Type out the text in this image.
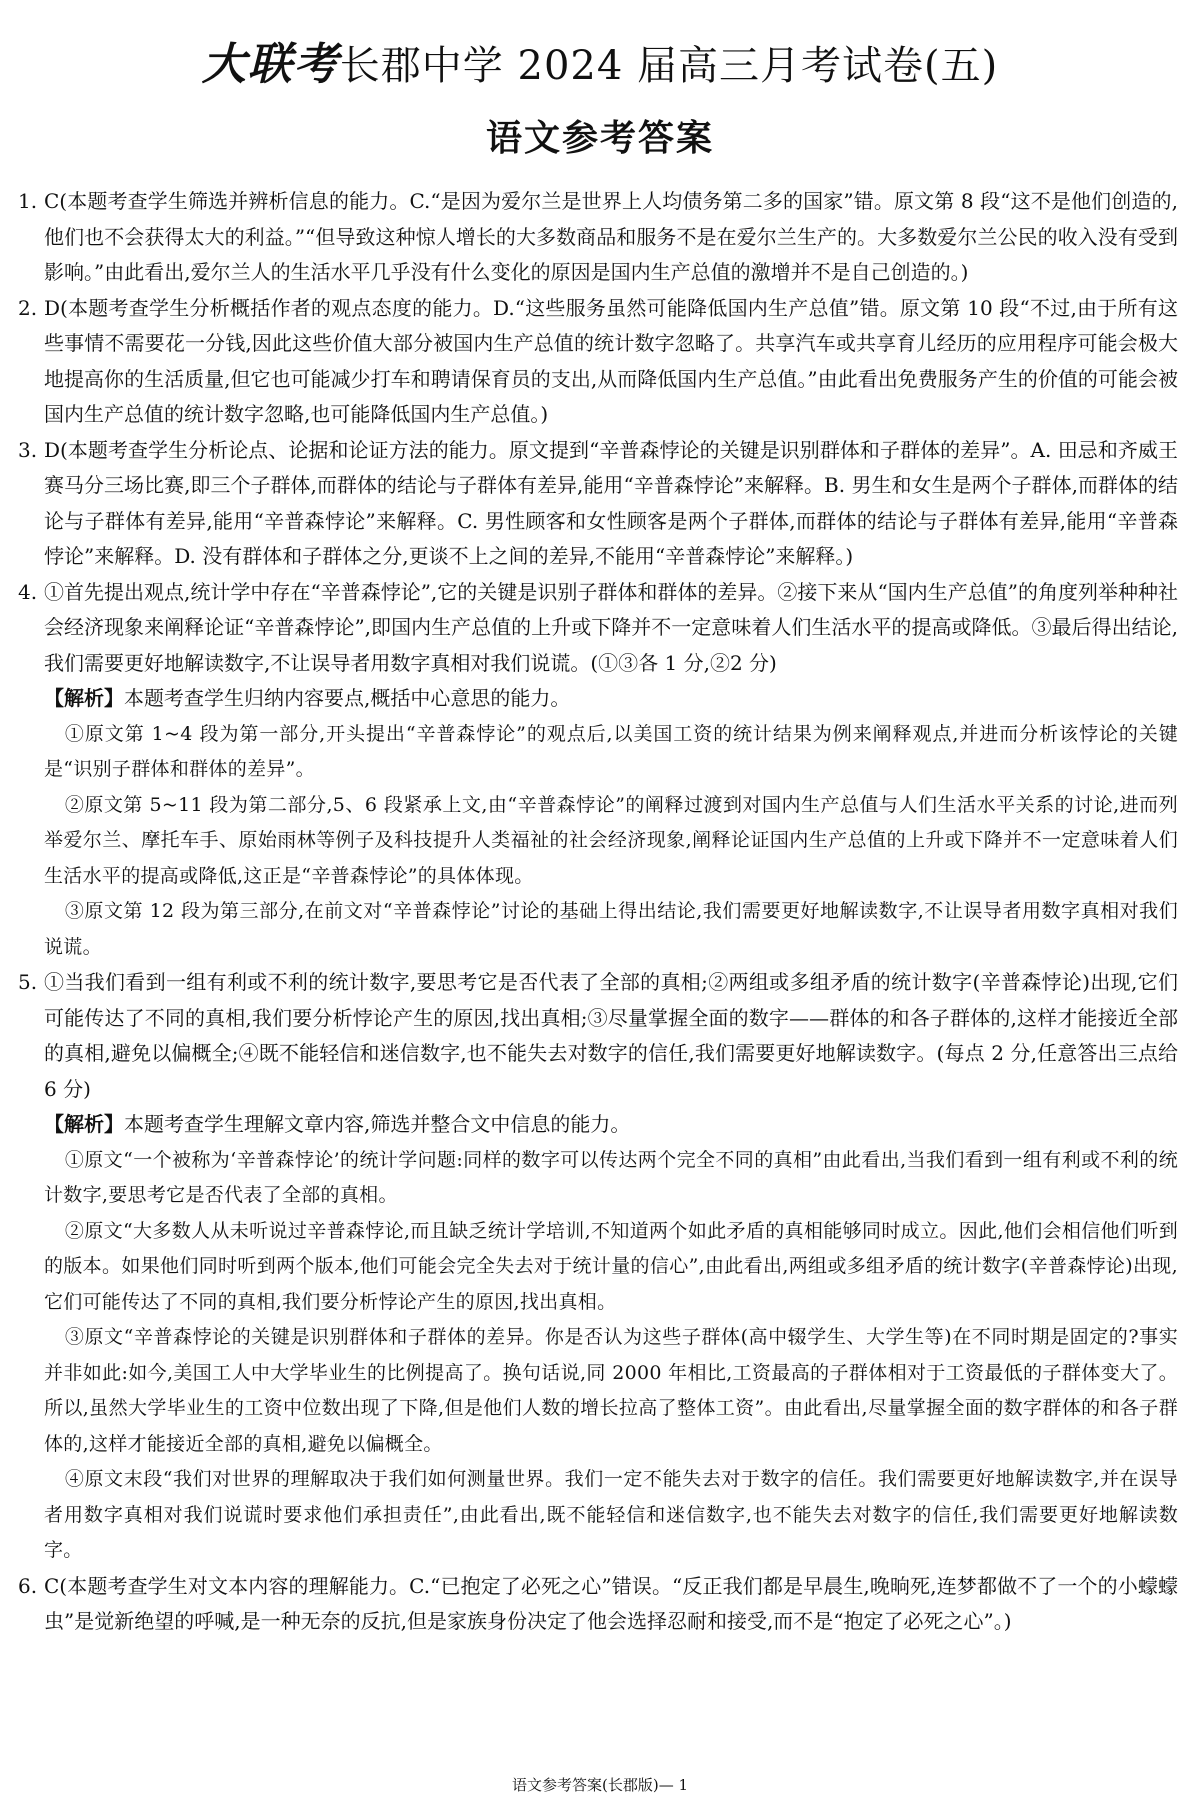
大联考长郡中学 2024 届高三月考试卷(五)
语文参考答案
1. C(本题考查学生筛选并辨析信息的能力。C.“是因为爱尔兰是世界上人均债务第二多的国家”错。原文第 8 段“这不是他们创造的,他们也不会获得太大的利益。”“但导致这种惊人增长的大多数商品和服务不是在爱尔兰生产的。大多数爱尔兰公民的收入没有受到影响。”由此看出,爱尔兰人的生活水平几乎没有什么变化的原因是国内生产总值的激增并不是自己创造的。)

2. D(本题考查学生分析概括作者的观点态度的能力。D.“这些服务虽然可能降低国内生产总值”错。原文第 10 段“不过,由于所有这些事情不需要花一分钱,因此这些价值大部分被国内生产总值的统计数字忽略了。共享汽车或共享育儿经历的应用程序可能会极大地提高你的生活质量,但它也可能减少打车和聘请保育员的支出,从而降低国内生产总值。”由此看出免费服务产生的价值的可能会被国内生产总值的统计数字忽略,也可能降低国内生产总值。)

3. D(本题考查学生分析论点、论据和论证方法的能力。原文提到“辛普森悖论的关键是识别群体和子群体的差异”。A. 田忌和齐威王赛马分三场比赛,即三个子群体,而群体的结论与子群体有差异,能用“辛普森悖论”来解释。B. 男生和女生是两个子群体,而群体的结论与子群体有差异,能用“辛普森悖论”来解释。C. 男性顾客和女性顾客是两个子群体,而群体的结论与子群体有差异,能用“辛普森悖论”来解释。D. 没有群体和子群体之分,更谈不上之间的差异,不能用“辛普森悖论”来解释。)

4. ①首先提出观点,统计学中存在“辛普森悖论”,它的关键是识别子群体和群体的差异。②接下来从“国内生产总值”的角度列举种种社会经济现象来阐释论证“辛普森悖论”,即国内生产总值的上升或下降并不一定意味着人们生活水平的提高或降低。③最后得出结论,我们需要更好地解读数字,不让误导者用数字真相对我们说谎。(①③各 1 分,②2 分)

【解析】本题考查学生归纳内容要点,概括中心意思的能力。

①原文第 1~4 段为第一部分,开头提出“辛普森悖论”的观点后,以美国工资的统计结果为例来阐释观点,并进而分析该悖论的关键是“识别子群体和群体的差异”。

②原文第 5~11 段为第二部分,5、6 段紧承上文,由“辛普森悖论”的阐释过渡到对国内生产总值与人们生活水平关系的讨论,进而列举爱尔兰、摩托车手、原始雨林等例子及科技提升人类福祉的社会经济现象,阐释论证国内生产总值的上升或下降并不一定意味着人们生活水平的提高或降低,这正是“辛普森悖论”的具体体现。

③原文第 12 段为第三部分,在前文对“辛普森悖论”讨论的基础上得出结论,我们需要更好地解读数字,不让误导者用数字真相对我们说谎。

5. ①当我们看到一组有利或不利的统计数字,要思考它是否代表了全部的真相;②两组或多组矛盾的统计数字(辛普森悖论)出现,它们可能传达了不同的真相,我们要分析悖论产生的原因,找出真相;③尽量掌握全面的数字——群体的和各子群体的,这样才能接近全部的真相,避免以偏概全;④既不能轻信和迷信数字,也不能失去对数字的信任,我们需要更好地解读数字。(每点 2 分,任意答出三点给 6 分)

【解析】本题考查学生理解文章内容,筛选并整合文中信息的能力。

①原文“一个被称为‘辛普森悖论’的统计学问题:同样的数字可以传达两个完全不同的真相”由此看出,当我们看到一组有利或不利的统计数字,要思考它是否代表了全部的真相。

②原文“大多数人从未听说过辛普森悖论,而且缺乏统计学培训,不知道两个如此矛盾的真相能够同时成立。因此,他们会相信他们听到的版本。如果他们同时听到两个版本,他们可能会完全失去对于统计量的信心”,由此看出,两组或多组矛盾的统计数字(辛普森悖论)出现,它们可能传达了不同的真相,我们要分析悖论产生的原因,找出真相。

③原文“辛普森悖论的关键是识别群体和子群体的差异。你是否认为这些子群体(高中辍学生、大学生等)在不同时期是固定的?事实并非如此:如今,美国工人中大学毕业生的比例提高了。换句话说,同 2000 年相比,工资最高的子群体相对于工资最低的子群体变大了。所以,虽然大学毕业生的工资中位数出现了下降,但是他们人数的增长拉高了整体工资”。由此看出,尽量掌握全面的数字群体的和各子群体的,这样才能接近全部的真相,避免以偏概全。

④原文末段“我们对世界的理解取决于我们如何测量世界。我们一定不能失去对于数字的信任。我们需要更好地解读数字,并在误导者用数字真相对我们说谎时要求他们承担责任”,由此看出,既不能轻信和迷信数字,也不能失去对数字的信任,我们需要更好地解读数字。

6. C(本题考查学生对文本内容的理解能力。C.“已抱定了必死之心”错误。“反正我们都是早晨生,晚晌死,连梦都做不了一个的小蠓蠓虫”是觉新绝望的呼喊,是一种无奈的反抗,但是家族身份决定了他会选择忍耐和接受,而不是“抱定了必死之心”。)

语文参考答案(长郡版)— 1
